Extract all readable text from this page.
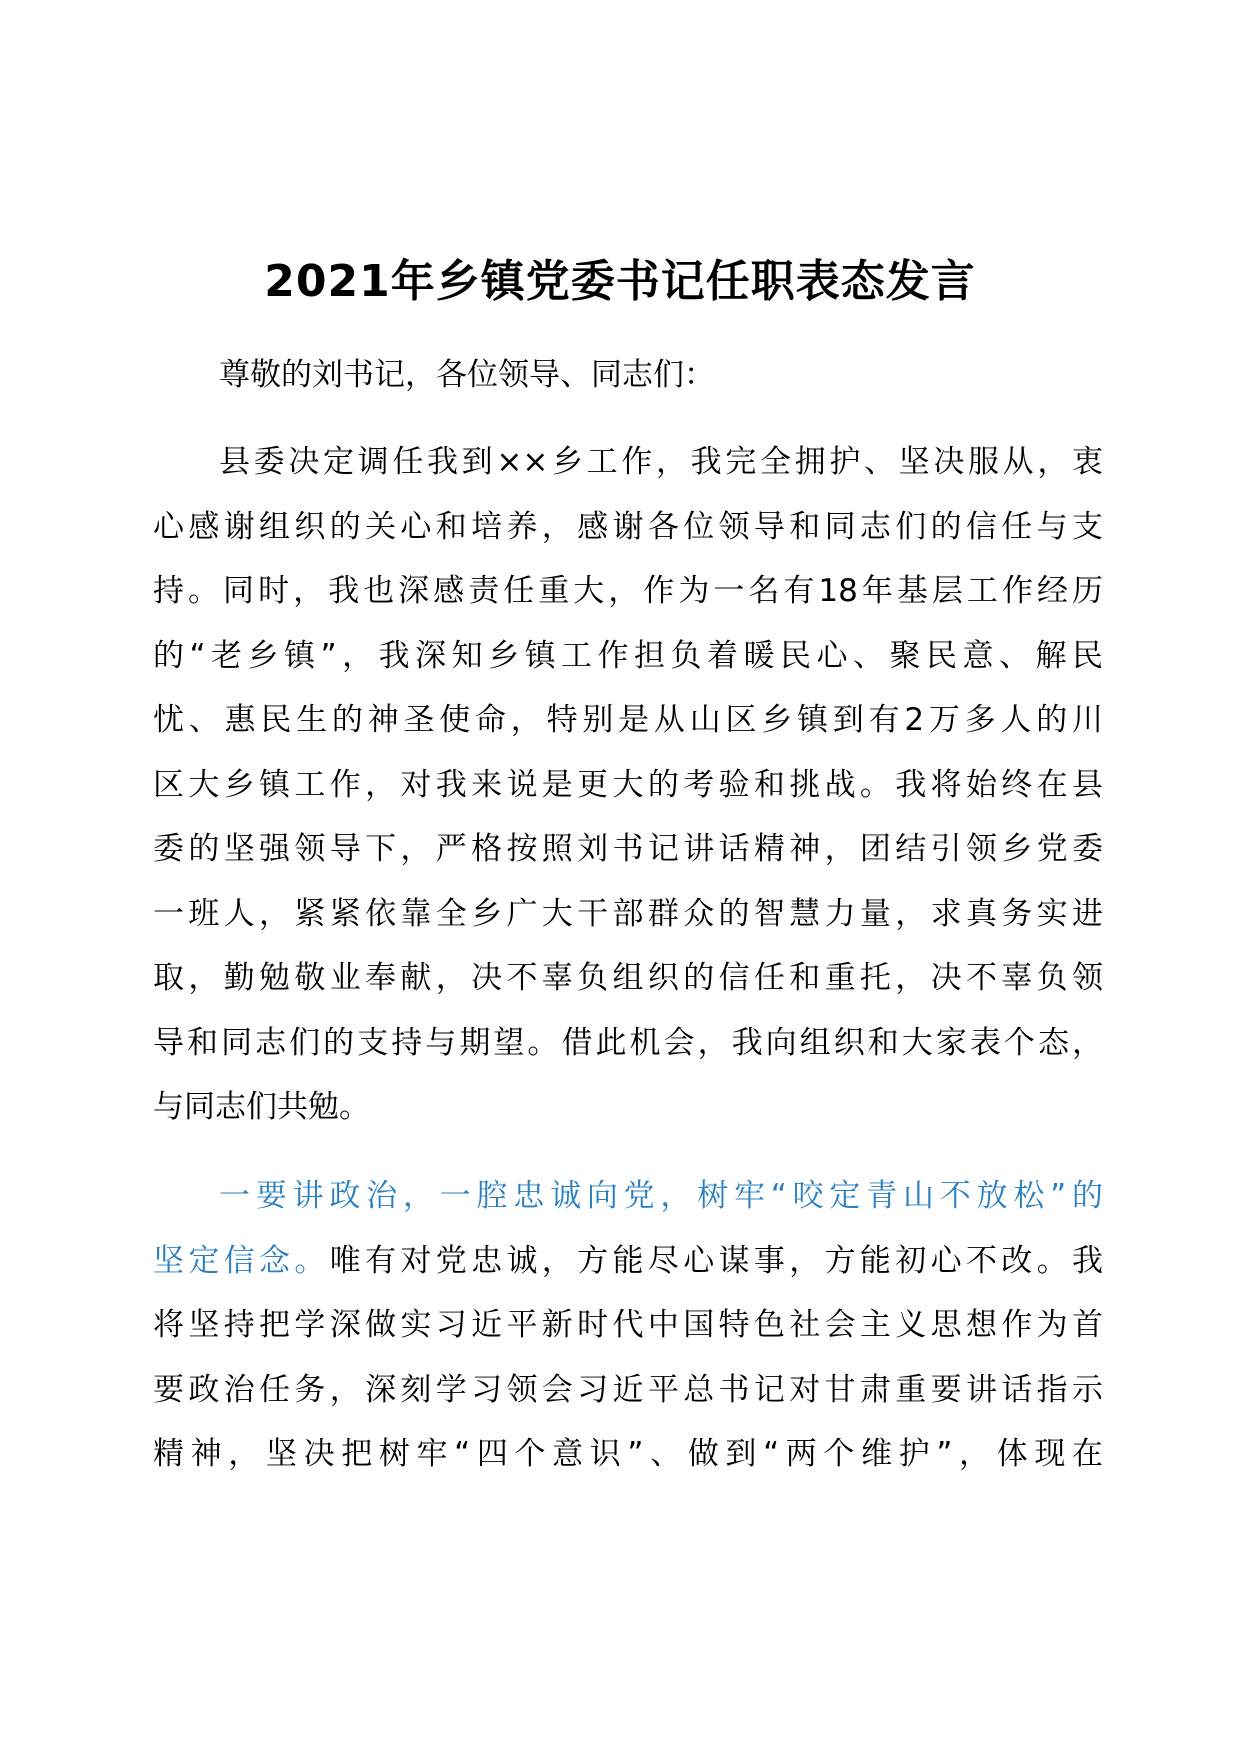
2021年乡镇党委书记任职表态发言
尊敬的刘书记，各位领导、同志们：
县委决定调任我到××乡工作，我完全拥护、坚决服从，衷
心感谢组织的关心和培养，感谢各位领导和同志们的信任与支
持。同时，我也深感责任重大，作为一名有18年基层工作经历
的“老乡镇”，我深知乡镇工作担负着暖民心、聚民意、解民
忧、惠民生的神圣使命，特别是从山区乡镇到有2万多人的川
区大乡镇工作，对我来说是更大的考验和挑战。我将始终在县
委的坚强领导下，严格按照刘书记讲话精神，团结引领乡党委
一班人，紧紧依靠全乡广大干部群众的智慧力量，求真务实进
取，勤勉敬业奉献，决不辜负组织的信任和重托，决不辜负领
导和同志们的支持与期望。借此机会，我向组织和大家表个态，
与同志们共勉。
一要讲政治，一腔忠诚向党，树牢“咬定青山不放松”的
坚定信念。唯有对党忠诚，方能尽心谋事，方能初心不改。我
将坚持把学深做实习近平新时代中国特色社会主义思想作为首
要政治任务，深刻学习领会习近平总书记对甘肃重要讲话指示
精神，坚决把树牢“四个意识”、做到“两个维护”，体现在
